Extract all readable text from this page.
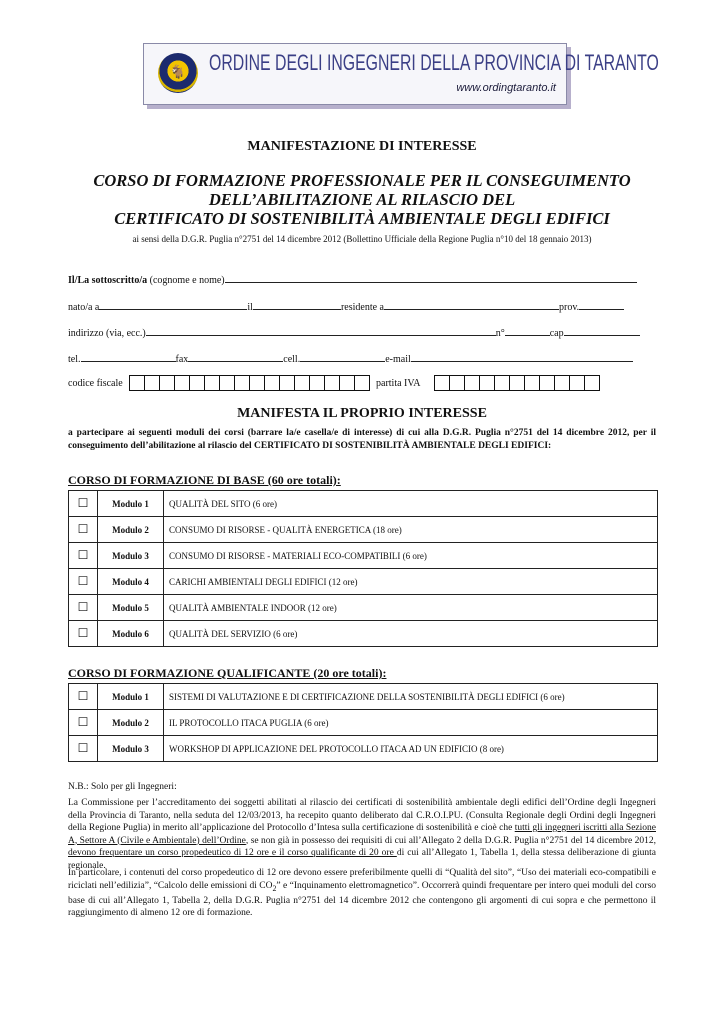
🐐	ORDINE DEGLI INGEGNERI DELLA PROVINCIA DI TARANTO
www.ordingtaranto.it
MANIFESTAZIONE DI INTERESSE
CORSO DI FORMAZIONE PROFESSIONALE PER IL CONSEGUIMENTO
DELL’ABILITAZIONE AL RILASCIO DEL
CERTIFICATO DI SOSTENIBILITÀ AMBIENTALE DEGLI EDIFICI
ai sensi della D.G.R. Puglia n°2751 del 14 dicembre 2012 (Bollettino Ufficiale della Regione Puglia n°10 del 18 gennaio 2013)
Il/La sottoscritto/a (cognome e nome)
nato/a a	il	residente a	prov.
indirizzo (via, ecc.)	n°	cap
tel.	fax	cell.	e-mail
codice fiscale	partita IVA
MANIFESTA IL PROPRIO INTERESSE
a partecipare ai seguenti moduli dei corsi (barrare la/e casella/e di interesse) di cui alla D.G.R. Puglia n°2751 del 14 dicembre 2012, per il conseguimento dell’abilitazione al rilascio del CERTIFICATO DI SOSTENIBILITÀ AMBIENTALE DEGLI EDIFICI:
CORSO DI FORMAZIONE DI BASE (60 ore totali):
☐	Modulo 1	QUALITÀ DEL SITO (6 ore)
☐	Modulo 2	CONSUMO DI RISORSE - QUALITÀ ENERGETICA (18 ore)
☐	Modulo 3	CONSUMO DI RISORSE - MATERIALI ECO-COMPATIBILI (6 ore)
☐	Modulo 4	CARICHI AMBIENTALI DEGLI EDIFICI (12 ore)
☐	Modulo 5	QUALITÀ AMBIENTALE INDOOR (12 ore)
☐	Modulo 6	QUALITÀ DEL SERVIZIO (6 ore)
CORSO DI FORMAZIONE QUALIFICANTE (20 ore totali):
☐	Modulo 1	SISTEMI DI VALUTAZIONE E DI CERTIFICAZIONE DELLA SOSTENIBILITÀ DEGLI EDIFICI (6 ore)
☐	Modulo 2	IL PROTOCOLLO ITACA PUGLIA (6 ore)
☐	Modulo 3	WORKSHOP DI APPLICAZIONE DEL PROTOCOLLO ITACA AD UN EDIFICIO (8 ore)
N.B.: Solo per gli Ingegneri:
La Commissione per l’accreditamento dei soggetti abilitati al rilascio dei certificati di sostenibilità ambientale degli edifici dell’Ordine degli Ingegneri della Provincia di Taranto, nella seduta del 12/03/2013, ha recepito quanto deliberato dal C.R.O.I.PU. (Consulta Regionale degli Ordini degli Ingegneri della Regione Puglia) in merito all’applicazione del Protocollo d’Intesa sulla certificazione di sostenibilità e cioè che tutti gli ingegneri iscritti alla Sezione A, Settore A (Civile e Ambientale) dell’Ordine, se non già in possesso dei requisiti di cui all’Allegato 2 della D.G.R. Puglia n°2751 del 14 dicembre 2012, devono frequentare un corso propedeutico di 12 ore e il corso qualificante di 20 ore di cui all’Allegato 1, Tabella 1, della stessa deliberazione di giunta regionale.
In particolare, i contenuti del corso propedeutico di 12 ore devono essere preferibilmente quelli di “Qualità del sito”, “Uso dei materiali eco-compatibili e riciclati nell’edilizia”, “Calcolo delle emissioni di $CO_2$” e “Inquinamento elettromagnetico”. Occorrerà quindi frequentare per intero quei moduli del corso base di cui all’Allegato 1, Tabella 2, della D.G.R. Puglia n°2751 del 14 dicembre 2012 che contengono gli argomenti di cui sopra e che permettono il raggiungimento di almeno 12 ore di formazione.
